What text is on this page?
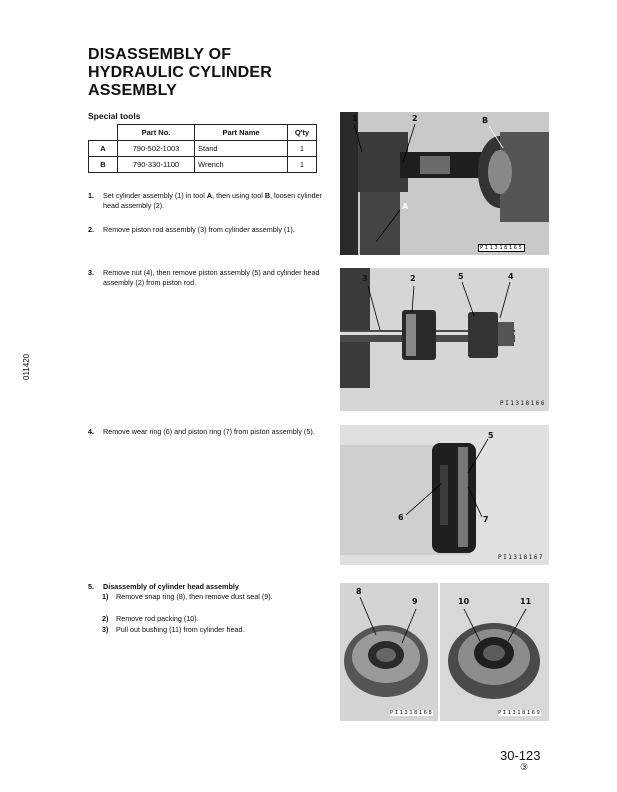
DISASSEMBLY OF
HYDRAULIC CYLINDER
ASSEMBLY
Special tools
	Part No.	Part Name	Q'ty
A	790-502-1003	Stand	1
B	790-330-1100	Wrench	1
1. Set cylinder assembly (1) in tool A, then using tool B, loosen cylinder head assembly (2).
2. Remove piston rod assembly (3) from cylinder assembly (1).
3. Remove nut (4), then remove piston assembly (5) and cylinder head assembly (2) from piston rod.
4. Remove wear ring (6) and piston ring (7) from piston assembly (5).
5. Disassembly of cylinder head assembly
1) Remove snap ring (8), then remove dust seal (9).
2) Remove rod packing (10).
3) Pull out bushing (11) from cylinder head.
1	2
A
B
PI1318165
3	2	5	4
PI1318166
5
6	7
PI1318167
8
9
PI1318168
10	11
PI1318169
011420
30-123
③
